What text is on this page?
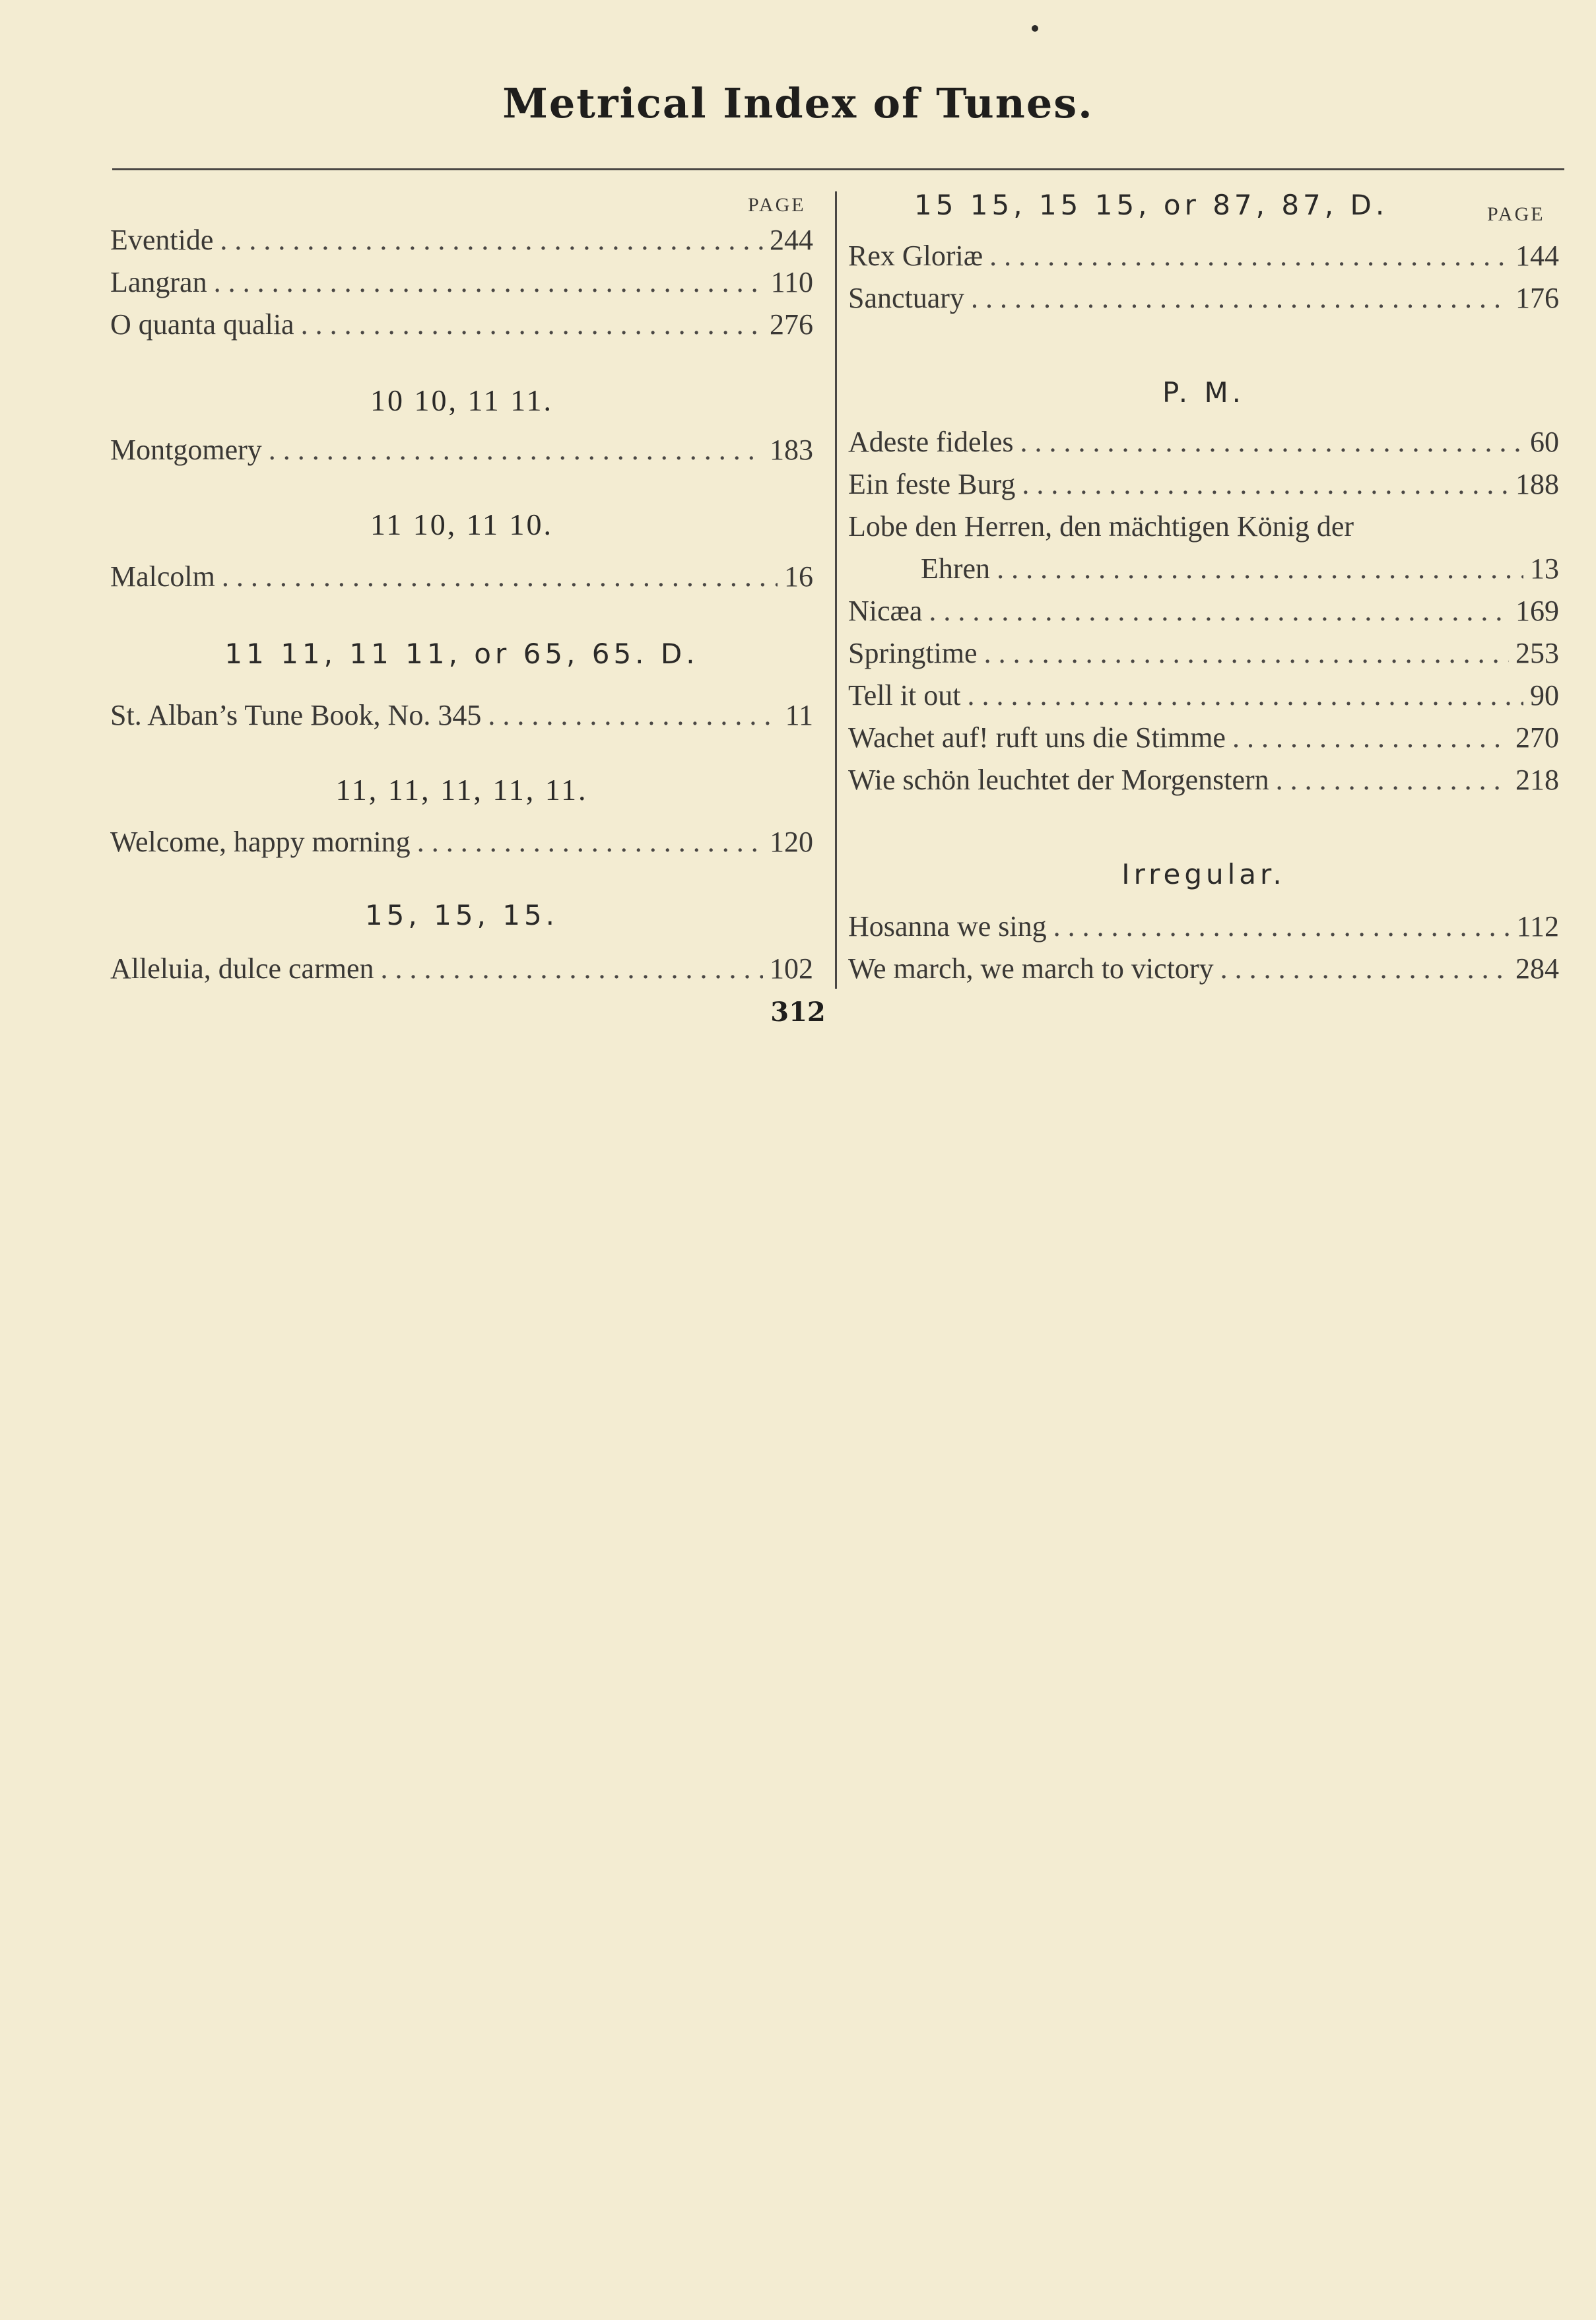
Metrical Index of Tunes.
PAGE
Eventide . . .	244
Langran . . .	110
O quanta qualia . . .	276
10 10, 11 11.
Montgomery . . .	183
11 10, 11 10.
Malcolm . . .	16
11 11, 11 11, or 65, 65. D.
St. Alban’s Tune Book, No. 345 . . .	11
11, 11, 11, 11, 11.
Welcome, happy morning . . .	120
15, 15, 15.
Alleluia, dulce carmen . . .	102
15 15, 15 15, or 87, 87, D.	PAGE
Rex Gloriæ . . .	144
Sanctuary . . .	176
P. M.
Adeste fideles . . .	60
Ein feste Burg . . .	188
Lobe den Herren, den mächtigen König der
Ehren . . .	13
Nicæa . . .	169
Springtime . . .	253
Tell it out . . .	90
Wachet auf! ruft uns die Stimme . . .	270
Wie schön leuchtet der Morgenstern . . .	218
Irregular.
Hosanna we sing . . .	112
We march, we march to victory . . .	284
312
